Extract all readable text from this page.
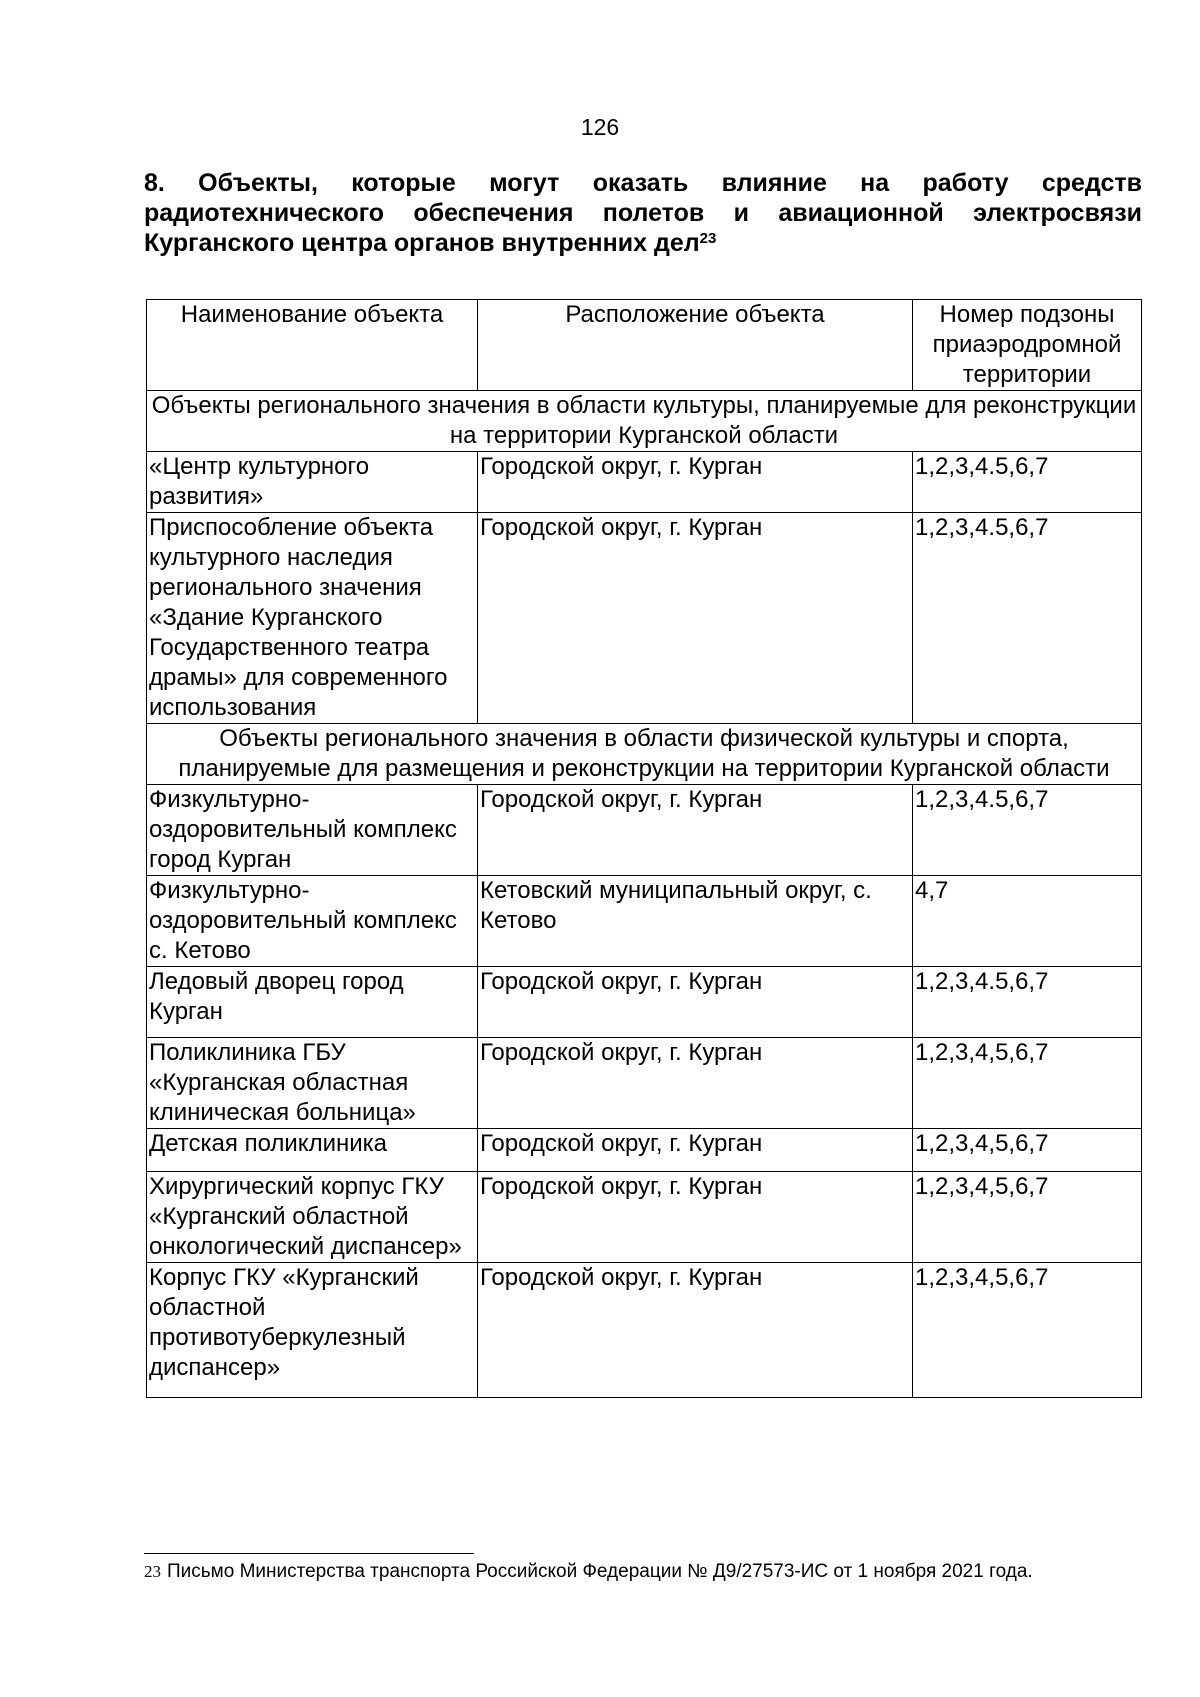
126
8. Объекты, которые могут оказать влияние на работу средств радиотехнического обеспечения полетов и авиационной электросвязи Курганского центра органов внутренних дел$^{23}$
Наименование объекта	Расположение объекта	Номер подзоны приаэродромной территории
Объекты регионального значения в области культуры, планируемые для реконструкции на территории Курганской области		
«Центр культурного развития»	Городской округ, г. Курган	1,2,3,4.5,6,7
Приспособление объекта культурного наследия регионального значения «Здание Курганского Государственного театра драмы» для современного использования	Городской округ, г. Курган	1,2,3,4.5,6,7
Объекты регионального значения в области физической культуры и спорта, планируемые для размещения и реконструкции на территории Курганской области		
Физкультурно-оздоровительный комплекс город Курган	Городской округ, г. Курган	1,2,3,4.5,6,7
Физкультурно-оздоровительный комплекс с. Кетово	Кетовский муниципальный округ, с. Кетово	4,7
Ледовый дворец город Курган	Городской округ, г. Курган	1,2,3,4.5,6,7
Поликлиника ГБУ «Курганская областная клиническая больница»	Городской округ, г. Курган	1,2,3,4,5,6,7
Детская поликлиника	Городской округ, г. Курган	1,2,3,4,5,6,7
Хирургический корпус ГКУ «Курганский областной онкологический диспансер»	Городской округ, г. Курган	1,2,3,4,5,6,7
Корпус ГКУ «Курганский областной противотуберкулезный диспансер»	Городской округ, г. Курган	1,2,3,4,5,6,7
23 Письмо Министерства транспорта Российской Федерации № Д9/27573-ИС от 1 ноября 2021 года.
